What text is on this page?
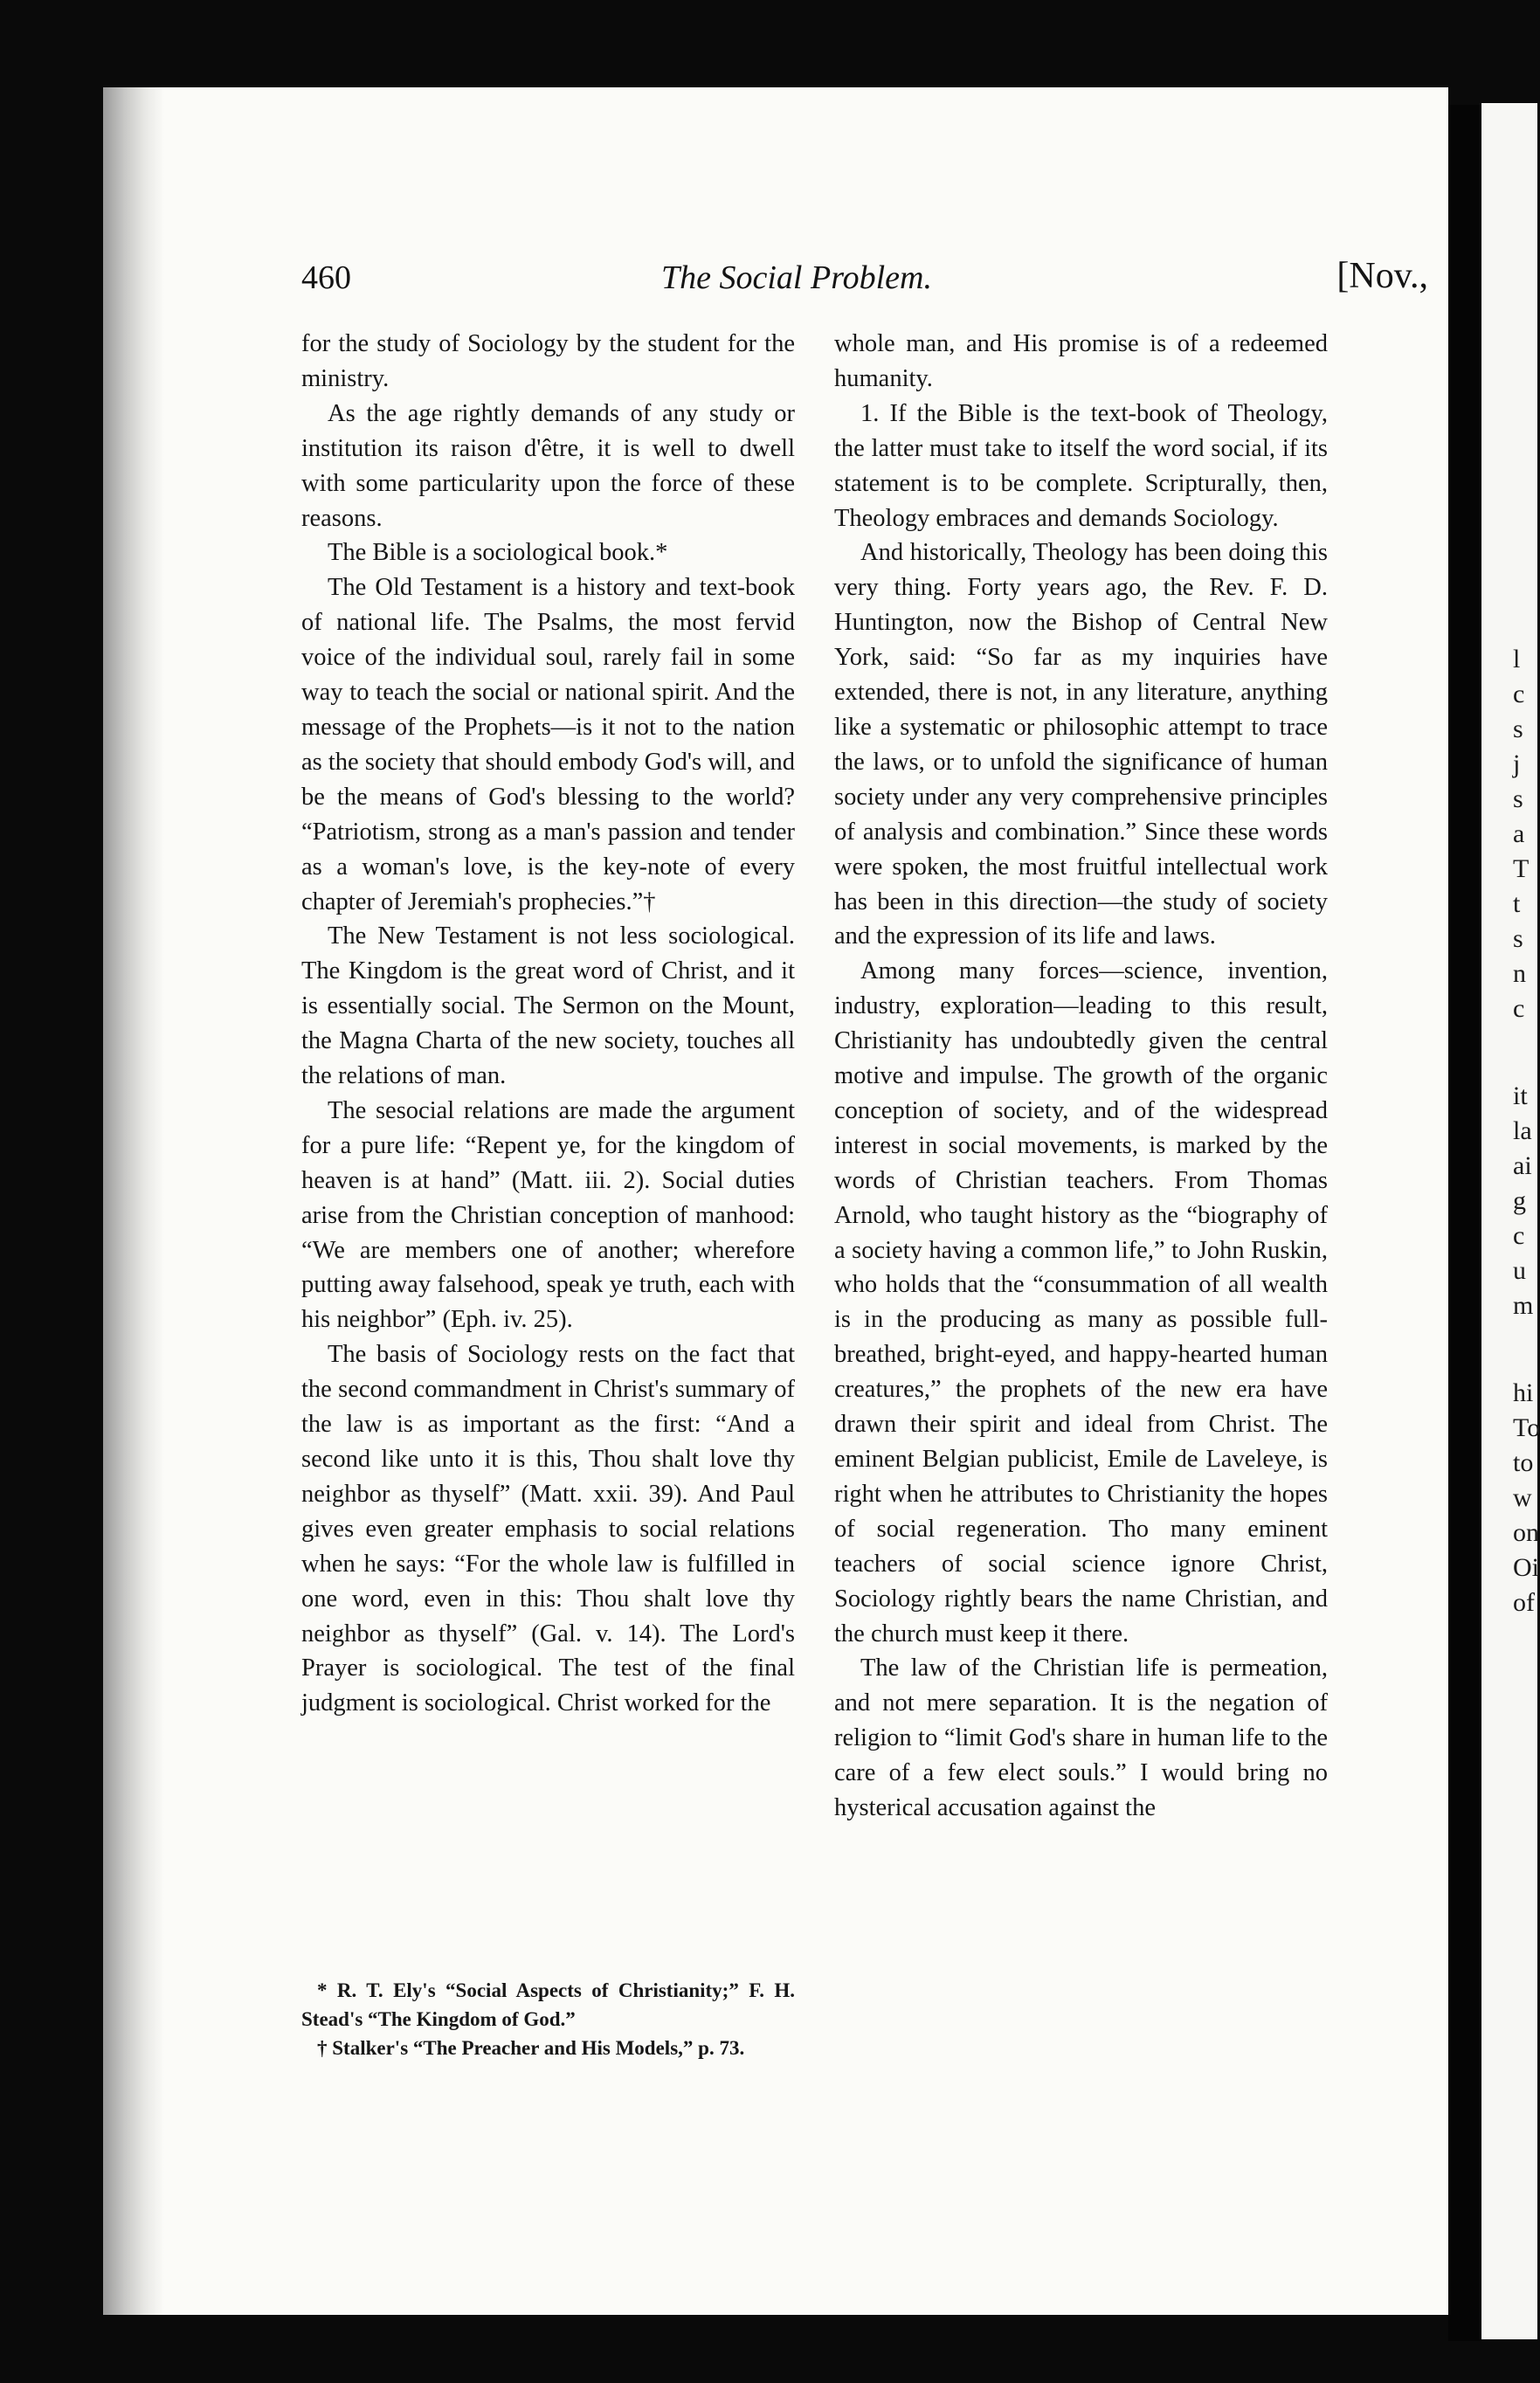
l
c
s
j
s
a
T
t
s
n
c
it
la
ai
g
c
u
m
hi
To
to
w
on
Oi
of
460	The Social Problem.	[Nov.,

for the study of Sociology by the student for the ministry.

As the age rightly demands of any study or institution its raison d'être, it is well to dwell with some particularity upon the force of these reasons.

The Bible is a sociological book.*

The Old Testament is a history and text-book of national life. The Psalms, the most fervid voice of the individual soul, rarely fail in some way to teach the social or national spirit. And the message of the Prophets—is it not to the nation as the society that should embody God's will, and be the means of God's blessing to the world? “Patriotism, strong as a man's passion and tender as a woman's love, is the key-note of every chapter of Jeremiah's prophecies.”†

The New Testament is not less sociological. The Kingdom is the great word of Christ, and it is essentially social. The Sermon on the Mount, the Magna Charta of the new society, touches all the relations of man.

The sesocial relations are made the argument for a pure life: “Repent ye, for the kingdom of heaven is at hand” (Matt. iii. 2). Social duties arise from the Christian conception of manhood: “We are members one of another; wherefore putting away falsehood, speak ye truth, each with his neighbor” (Eph. iv. 25).

The basis of Sociology rests on the fact that the second commandment in Christ's summary of the law is as important as the first: “And a second like unto it is this, Thou shalt love thy neighbor as thyself” (Matt. xxii. 39). And Paul gives even greater emphasis to social relations when he says: “For the whole law is fulfilled in one word, even in this: Thou shalt love thy neighbor as thyself” (Gal. v. 14). The Lord's Prayer is sociological. The test of the final judgment is sociological. Christ worked for the

whole man, and His promise is of a redeemed humanity.

1. If the Bible is the text-book of Theology, the latter must take to itself the word social, if its statement is to be complete. Scripturally, then, Theology embraces and demands Sociology.

And historically, Theology has been doing this very thing. Forty years ago, the Rev. F. D. Huntington, now the Bishop of Central New York, said: “So far as my inquiries have extended, there is not, in any literature, anything like a systematic or philosophic attempt to trace the laws, or to unfold the significance of human society under any very comprehensive principles of analysis and combination.” Since these words were spoken, the most fruitful intellectual work has been in this direction—the study of society and the expression of its life and laws.

Among many forces—science, invention, industry, exploration—leading to this result, Christianity has undoubtedly given the central motive and impulse. The growth of the organic conception of society, and of the widespread interest in social movements, is marked by the words of Christian teachers. From Thomas Arnold, who taught history as the “biography of a society having a common life,” to John Ruskin, who holds that the “consummation of all wealth is in the producing as many as possible full-breathed, bright-eyed, and happy-hearted human creatures,” the prophets of the new era have drawn their spirit and ideal from Christ. The eminent Belgian publicist, Emile de Laveleye, is right when he attributes to Christianity the hopes of social regeneration. Tho many eminent teachers of social science ignore Christ, Sociology rightly bears the name Christian, and the church must keep it there.

The law of the Christian life is permeation, and not mere separation. It is the negation of religion to “limit God's share in human life to the care of a few elect souls.” I would bring no hysterical accusation against the

* R. T. Ely's “Social Aspects of Christianity;” F. H. Stead's “The Kingdom of God.”

† Stalker's “The Preacher and His Models,” p. 73.
